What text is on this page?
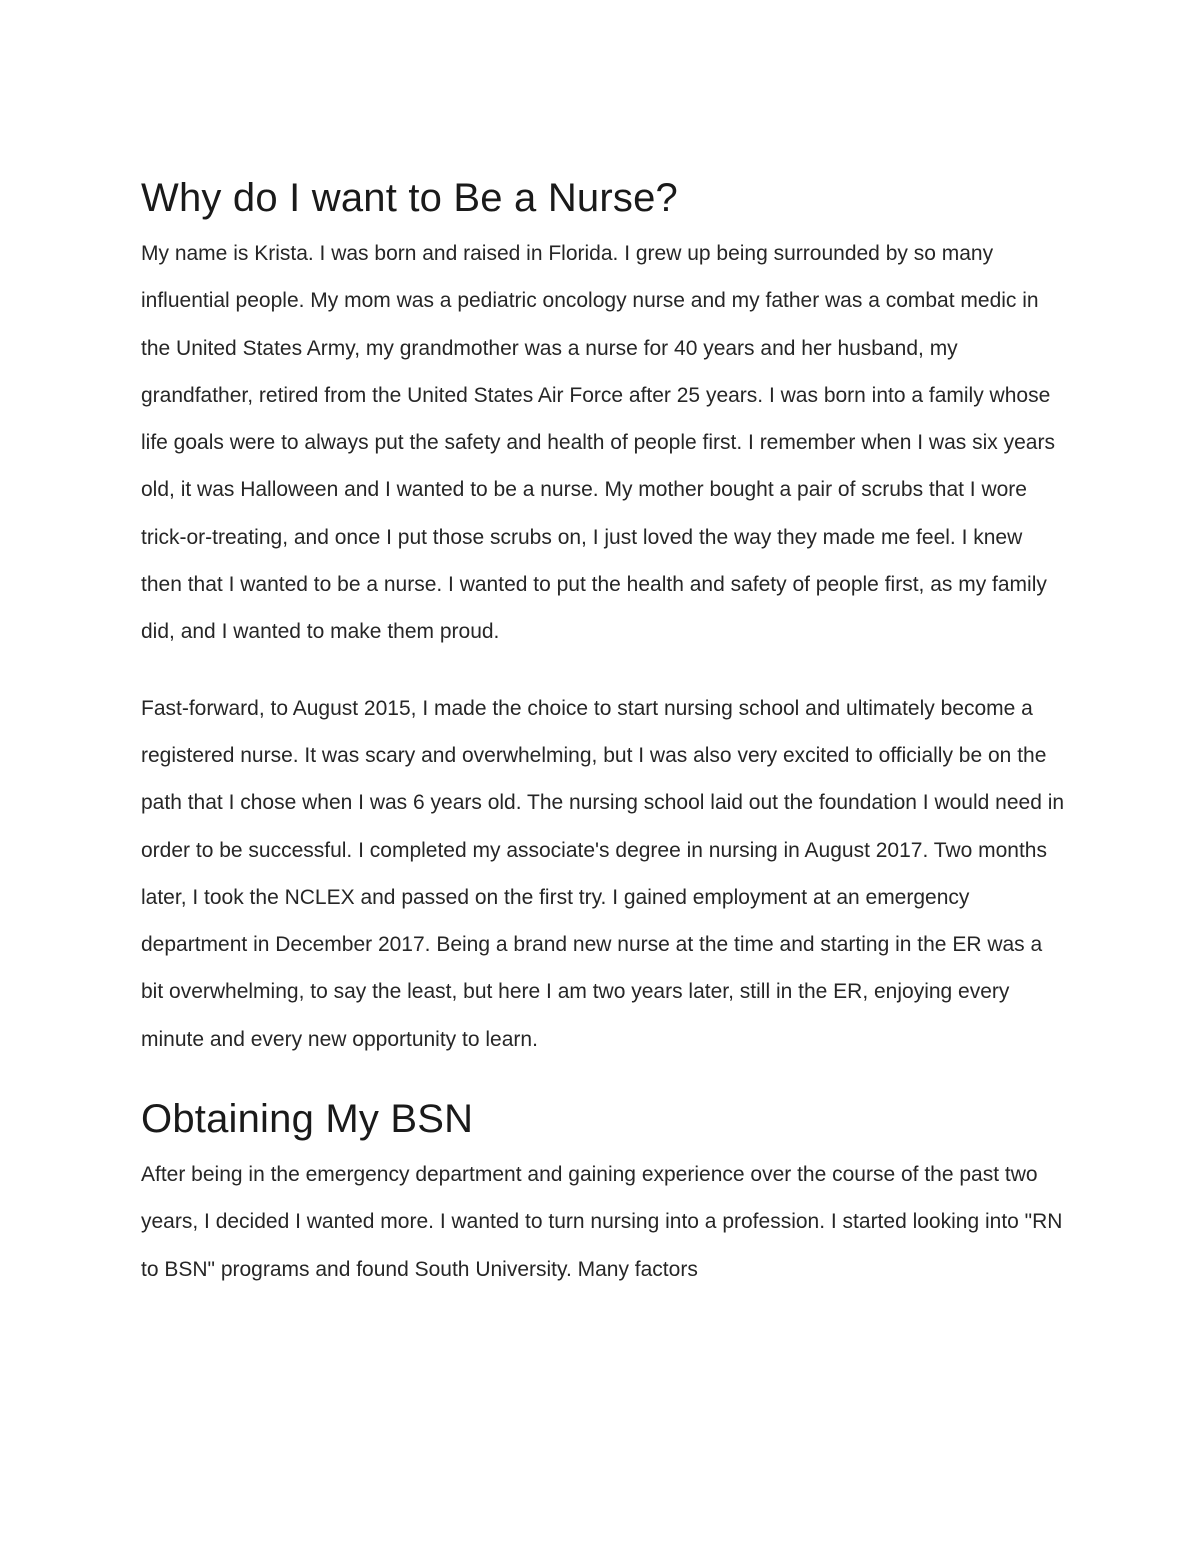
Why do I want to Be a Nurse?

My name is Krista. I was born and raised in Florida. I grew up being surrounded by so many influential people. My mom was a pediatric oncology nurse and my father was a combat medic in the United States Army, my grandmother was a nurse for 40 years and her husband, my grandfather, retired from the United States Air Force after 25 years. I was born into a family whose life goals were to always put the safety and health of people first. I remember when I was six years old, it was Halloween and I wanted to be a nurse. My mother bought a pair of scrubs that I wore trick-or-treating, and once I put those scrubs on, I just loved the way they made me feel. I knew then that I wanted to be a nurse. I wanted to put the health and safety of people first, as my family did, and I wanted to make them proud.

Fast-forward, to August 2015, I made the choice to start nursing school and ultimately become a registered nurse. It was scary and overwhelming, but I was also very excited to officially be on the path that I chose when I was 6 years old. The nursing school laid out the foundation I would need in order to be successful. I completed my associate's degree in nursing in August 2017. Two months later, I took the NCLEX and passed on the first try. I gained employment at an emergency department in December 2017. Being a brand new nurse at the time and starting in the ER was a bit overwhelming, to say the least, but here I am two years later, still in the ER, enjoying every minute and every new opportunity to learn.

Obtaining My BSN

After being in the emergency department and gaining experience over the course of the past two years, I decided I wanted more. I wanted to turn nursing into a profession. I started looking into "RN to BSN" programs and found South University. Many factors
